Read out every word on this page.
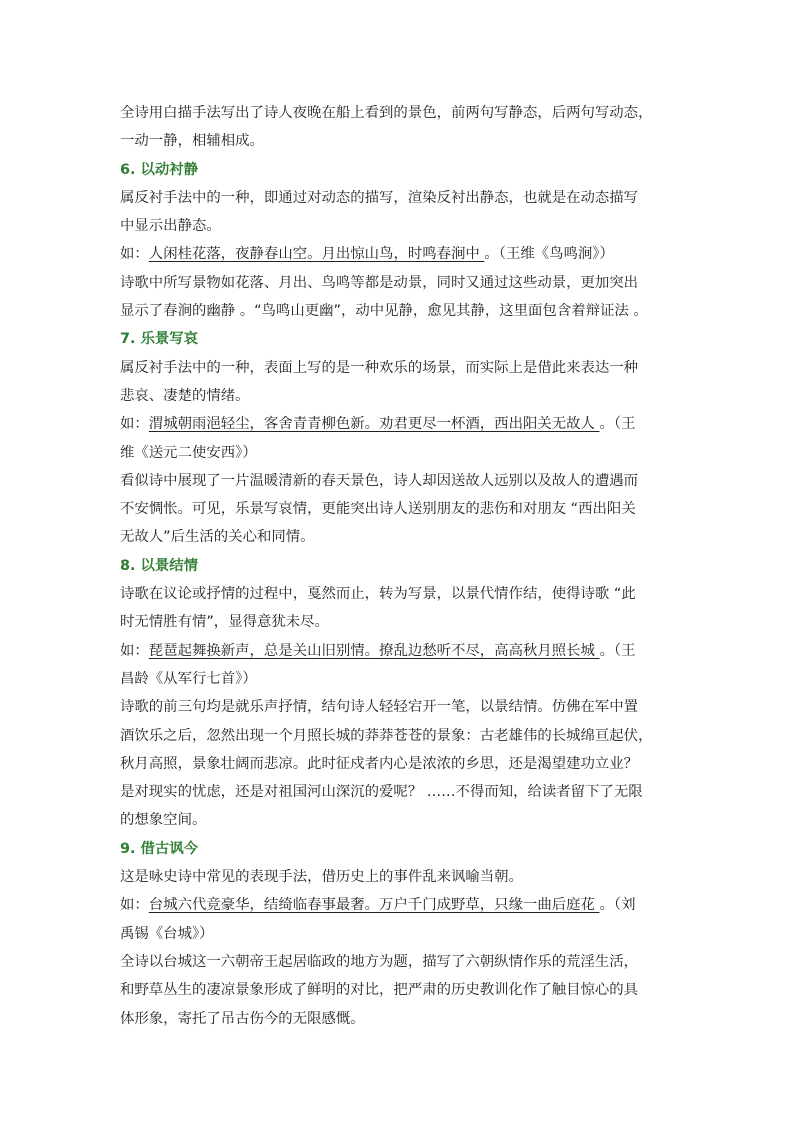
全诗用白描手法写出了诗人夜晚在船上看到的景色，前两句写静态，后两句写动态，
一动一静，相辅相成。
6. 以动衬静
属反衬手法中的一种，即通过对动态的描写，渲染反衬出静态，也就是在动态描写
中显示出静态。
如：人闲桂花落，夜静春山空。月出惊山鸟，时鸣春涧中 。（王维《鸟鸣涧》）
诗歌中所写景物如花落、月出、鸟鸣等都是动景，同时又通过这些动景，更加突出
显示了春涧的幽静 。“鸟鸣山更幽”，动中见静，愈见其静，这里面包含着辩证法 。
7. 乐景写哀
属反衬手法中的一种，表面上写的是一种欢乐的场景，而实际上是借此来表达一种
悲哀、凄楚的情绪。
如：渭城朝雨浥轻尘，客舍青青柳色新。劝君更尽一杯酒，西出阳关无故人 。（王
维《送元二使安西》）
看似诗中展现了一片温暖清新的春天景色，诗人却因送故人远别以及故人的遭遇而
不安惆怅。可见，乐景写哀情，更能突出诗人送别朋友的悲伤和对朋友 “西出阳关
无故人”后生活的关心和同情。
8. 以景结情
诗歌在议论或抒情的过程中，戛然而止，转为写景，以景代情作结，使得诗歌 “此
时无情胜有情”，显得意犹未尽。
如：琵琶起舞换新声，总是关山旧别情。撩乱边愁听不尽，高高秋月照长城 。（王
昌龄《从军行七首》）
诗歌的前三句均是就乐声抒情，结句诗人轻轻宕开一笔，以景结情。仿佛在军中置
酒饮乐之后，忽然出现一个月照长城的莽莽苍苍的景象：古老雄伟的长城绵亘起伏，
秋月高照，景象壮阔而悲凉。此时征戍者内心是浓浓的乡思，还是渴望建功立业？
是对现实的忧虑，还是对祖国河山深沉的爱呢？ ……不得而知，给读者留下了无限
的想象空间。
9. 借古讽今
这是咏史诗中常见的表现手法，借历史上的事件乱来讽喻当朝。
如：台城六代竞豪华，结绮临春事最奢。万户千门成野草，只缘一曲后庭花 。（刘
禹锡《台城》）
全诗以台城这一六朝帝王起居临政的地方为题，描写了六朝纵情作乐的荒淫生活，
和野草丛生的凄凉景象形成了鲜明的对比，把严肃的历史教训化作了触目惊心的具
体形象，寄托了吊古伤今的无限感慨。
